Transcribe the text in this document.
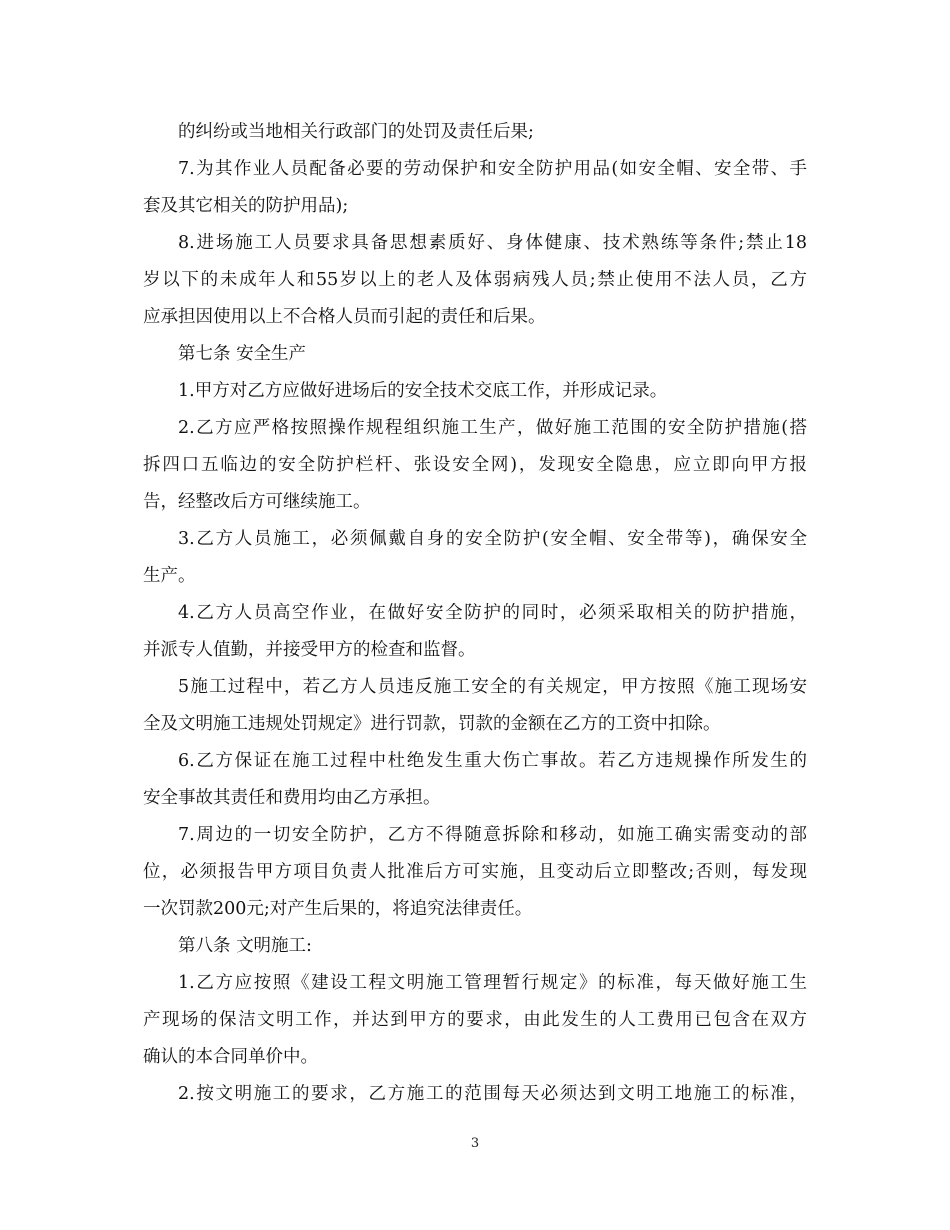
的纠纷或当地相关行政部门的处罚及责任后果;
7.为其作业人员配备必要的劳动保护和安全防护用品(如安全帽、安全带、手
套及其它相关的防护用品);
8.进场施工人员要求具备思想素质好、身体健康、技术熟练等条件;禁止18
岁以下的未成年人和55岁以上的老人及体弱病残人员;禁止使用不法人员，乙方
应承担因使用以上不合格人员而引起的责任和后果。
第七条 安全生产
1.甲方对乙方应做好进场后的安全技术交底工作，并形成记录。
2.乙方应严格按照操作规程组织施工生产，做好施工范围的安全防护措施(搭
拆四口五临边的安全防护栏杆、张设安全网)，发现安全隐患，应立即向甲方报
告，经整改后方可继续施工。
3.乙方人员施工，必须佩戴自身的安全防护(安全帽、安全带等)，确保安全
生产。
4.乙方人员高空作业，在做好安全防护的同时，必须采取相关的防护措施，
并派专人值勤，并接受甲方的检查和监督。
5施工过程中，若乙方人员违反施工安全的有关规定，甲方按照《施工现场安
全及文明施工违规处罚规定》进行罚款，罚款的金额在乙方的工资中扣除。
6.乙方保证在施工过程中杜绝发生重大伤亡事故。若乙方违规操作所发生的
安全事故其责任和费用均由乙方承担。
7.周边的一切安全防护，乙方不得随意拆除和移动，如施工确实需变动的部
位，必须报告甲方项目负责人批准后方可实施，且变动后立即整改;否则，每发现
一次罚款200元;对产生后果的，将追究法律责任。
第八条 文明施工:
1.乙方应按照《建设工程文明施工管理暂行规定》的标准，每天做好施工生
产现场的保洁文明工作，并达到甲方的要求，由此发生的人工费用已包含在双方
确认的本合同单价中。
2.按文明施工的要求，乙方施工的范围每天必须达到文明工地施工的标准，
3
